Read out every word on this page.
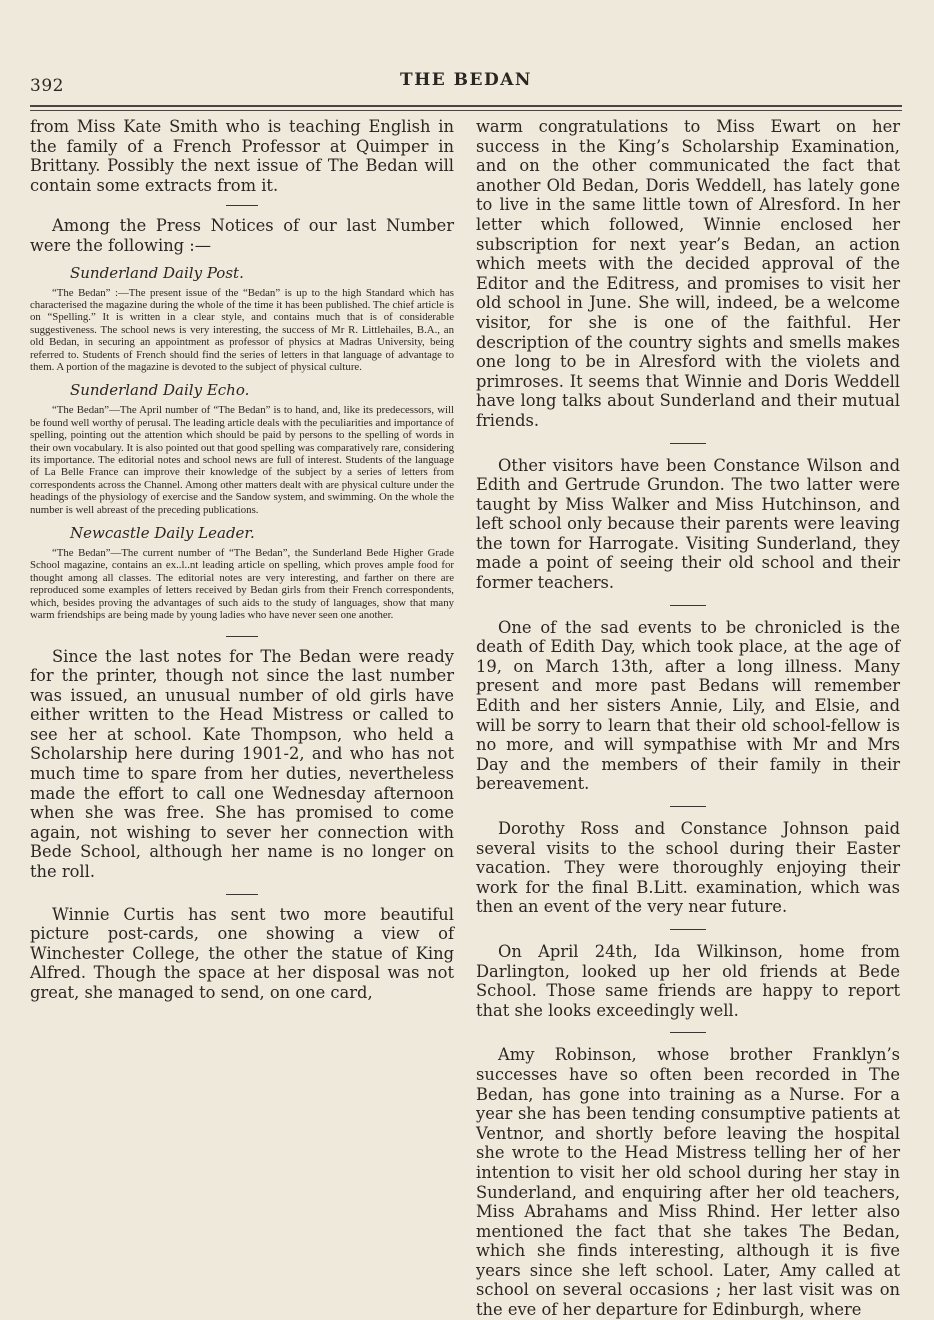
392	THE BEDAN

from Miss Kate Smith who is teaching English in the family of a French Professor at Quimper in Brittany. Possibly the next issue of The Bedan will contain some extracts from it.

Among the Press Notices of our last Number were the following :—

Sunderland Daily Post.

“The Bedan” :—The present issue of the “Bedan” is up to the high Standard which has characterised the magazine during the whole of the time it has been published. The chief article is on “Spelling.” It is written in a clear style, and contains much that is of considerable suggestiveness. The school news is very interesting, the success of Mr R. Littlehailes, B.A., an old Bedan, in securing an appointment as professor of physics at Madras University, being referred to. Students of French should find the series of letters in that language of advantage to them. A portion of the magazine is devoted to the subject of physical culture.

Sunderland Daily Echo.

“The Bedan”—The April number of “The Bedan” is to hand, and, like its predecessors, will be found well worthy of perusal. The leading article deals with the peculiarities and importance of spelling, pointing out the attention which should be paid by persons to the spelling of words in their own vocabulary. It is also pointed out that good spelling was comparatively rare, considering its importance. The editorial notes and school news are full of interest. Students of the language of La Belle France can improve their knowledge of the subject by a series of letters from correspondents across the Channel. Among other matters dealt with are physical culture under the headings of the physiology of exercise and the Sandow system, and swimming. On the whole the number is well abreast of the preceding publications.

Newcastle Daily Leader.

“The Bedan”—The current number of “The Bedan”, the Sunderland Bede Higher Grade School magazine, contains an ex..l..nt leading article on spelling, which proves ample food for thought among all classes. The editorial notes are very interesting, and farther on there are reproduced some examples of letters received by Bedan girls from their French correspondents, which, besides proving the advantages of such aids to the study of languages, show that many warm friendships are being made by young ladies who have never seen one another.

Since the last notes for The Bedan were ready for the printer, though not since the last number was issued, an unusual number of old girls have either written to the Head Mistress or called to see her at school. Kate Thompson, who held a Scholarship here during 1901-2, and who has not much time to spare from her duties, nevertheless made the effort to call one Wednesday afternoon when she was free. She has promised to come again, not wishing to sever her connection with Bede School, although her name is no longer on the roll.

Winnie Curtis has sent two more beautiful picture post-cards, one showing a view of Winchester College, the other the statue of King Alfred. Though the space at her disposal was not great, she managed to send, on one card,

warm congratulations to Miss Ewart on her success in the King’s Scholarship Examination, and on the other communicated the fact that another Old Bedan, Doris Weddell, has lately gone to live in the same little town of Alresford. In her letter which followed, Winnie enclosed her subscription for next year’s Bedan, an action which meets with the decided approval of the Editor and the Editress, and promises to visit her old school in June. She will, indeed, be a welcome visitor, for she is one of the faithful. Her description of the country sights and smells makes one long to be in Alresford with the violets and primroses. It seems that Winnie and Doris Weddell have long talks about Sunderland and their mutual friends.

Other visitors have been Constance Wilson and Edith and Gertrude Grundon. The two latter were taught by Miss Walker and Miss Hutchinson, and left school only because their parents were leaving the town for Harrogate. Visiting Sunderland, they made a point of seeing their old school and their former teachers.

One of the sad events to be chronicled is the death of Edith Day, which took place, at the age of 19, on March 13th, after a long illness. Many present and more past Bedans will remember Edith and her sisters Annie, Lily, and Elsie, and will be sorry to learn that their old school-fellow is no more, and will sympathise with Mr and Mrs Day and the members of their family in their bereavement.

Dorothy Ross and Constance Johnson paid several visits to the school during their Easter vacation. They were thoroughly enjoying their work for the final B.Litt. examination, which was then an event of the very near future.

On April 24th, Ida Wilkinson, home from Darlington, looked up her old friends at Bede School. Those same friends are happy to report that she looks exceedingly well.

Amy Robinson, whose brother Franklyn’s successes have so often been recorded in The Bedan, has gone into training as a Nurse. For a year she has been tending consumptive patients at Ventnor, and shortly before leaving the hospital she wrote to the Head Mistress telling her of her intention to visit her old school during her stay in Sunderland, and enquiring after her old teachers, Miss Abrahams and Miss Rhind. Her letter also mentioned the fact that she takes The Bedan, which she finds interesting, although it is five years since she left school. Later, Amy called at school on several occasions ; her last visit was on the eve of her departure for Edinburgh, where
